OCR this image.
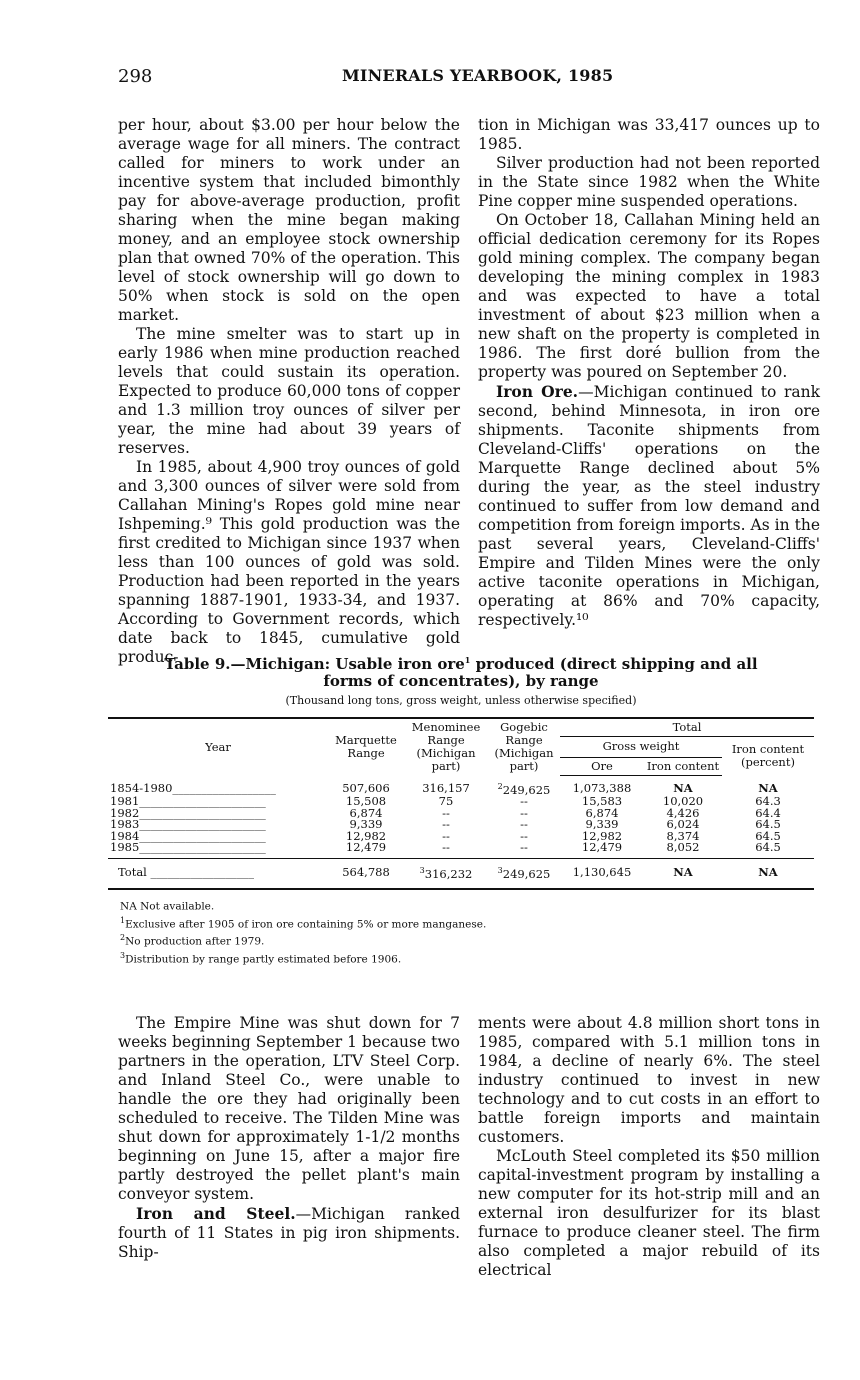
298	MINERALS YEARBOOK, 1985

per hour, about $3.00 per hour below the average wage for all miners. The contract called for miners to work under an incentive system that included bimonthly pay for above-average production, profit sharing when the mine began making money, and an employee stock ownership plan that owned 70% of the operation. This level of stock ownership will go down to 50% when stock is sold on the open market.

The mine smelter was to start up in early 1986 when mine production reached levels that could sustain its operation. Expected to produce 60,000 tons of copper and 1.3 million troy ounces of silver per year, the mine had about 39 years of reserves.

In 1985, about 4,900 troy ounces of gold and 3,300 ounces of silver were sold from Callahan Mining's Ropes gold mine near Ishpeming.⁹ This gold production was the first credited to Michigan since 1937 when less than 100 ounces of gold was sold. Production had been reported in the years spanning 1887-1901, 1933-34, and 1937. According to Government records, which date back to 1845, cumulative gold produc-

tion in Michigan was 33,417 ounces up to 1985.

Silver production had not been reported in the State since 1982 when the White Pine copper mine suspended operations.

On October 18, Callahan Mining held an official dedication ceremony for its Ropes gold mining complex. The company began developing the mining complex in 1983 and was expected to have a total investment of about $23 million when a new shaft on the property is completed in 1986. The first doré bullion from the property was poured on September 20.

Iron Ore.—Michigan continued to rank second, behind Minnesota, in iron ore shipments. Taconite shipments from Cleveland-Cliffs' operations on the Marquette Range declined about 5% during the year, as the steel industry continued to suffer from low demand and competition from foreign imports. As in the past several years, Cleveland-Cliffs' Empire and Tilden Mines were the only active taconite operations in Michigan, operating at 86% and 70% capacity, respectively.¹⁰

Table 9.—Michigan: Usable iron ore$^1$ produced (direct shipping and all forms of concentrates), by range
(Thousand long tons, gross weight, unless otherwise specified)
Year	Marquette Range	Menominee Range (Michigan part)	Gogebic Range (Michigan part)	Total		
				Gross weight		Iron content (percent)
				Ore	Iron content	
1854-1980__________________	507,606	316,157	$^2$249,625	1,073,388	NA	NA
1981______________________	15,508	75	--	15,583	10,020	64.3
1982______________________	6,874	--	--	6,874	4,426	64.4
1983______________________	9,339	--	--	9,339	6,024	64.5
1984______________________	12,982	--	--	12,982	8,374	64.5
1985______________________	12,479	--	--	12,479	8,052	64.5
Total __________________	564,788	$^3$316,232	$^3$249,625	1,130,645	NA	NA
NA Not available.
$^1$Exclusive after 1905 of iron ore containing 5% or more manganese.
$^2$No production after 1979.
$^3$Distribution by range partly estimated before 1906.

The Empire Mine was shut down for 7 weeks beginning September 1 because two partners in the operation, LTV Steel Corp. and Inland Steel Co., were unable to handle the ore they had originally been scheduled to receive. The Tilden Mine was shut down for approximately 1-1/2 months beginning on June 15, after a major fire partly destroyed the pellet plant's main conveyor system.

Iron and Steel.—Michigan ranked fourth of 11 States in pig iron shipments. Ship-

ments were about 4.8 million short tons in 1985, compared with 5.1 million tons in 1984, a decline of nearly 6%. The steel industry continued to invest in new technology and to cut costs in an effort to battle foreign imports and maintain customers.

McLouth Steel completed its $50 million capital-investment program by installing a new computer for its hot-strip mill and an external iron desulfurizer for its blast furnace to produce cleaner steel. The firm also completed a major rebuild of its electrical
